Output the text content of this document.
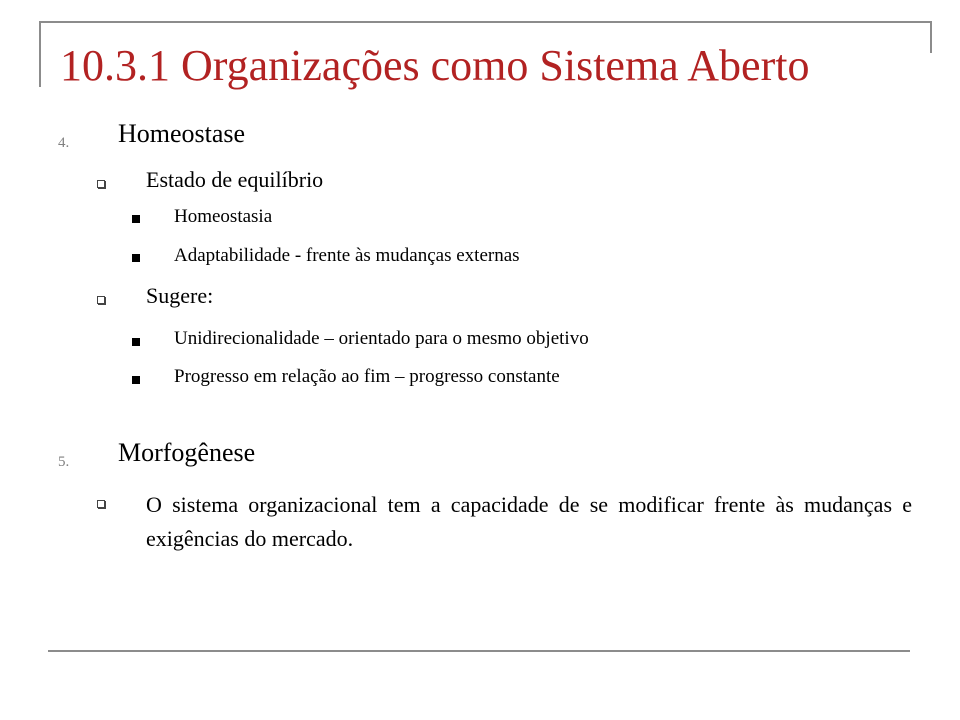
10.3.1 Organizações como Sistema Aberto
4. Homeostase
Estado de equilíbrio
Homeostasia
Adaptabilidade - frente às mudanças externas
Sugere:
Unidirecionalidade – orientado para o mesmo objetivo
Progresso em relação ao fim – progresso constante
5. Morfogênese
O sistema organizacional tem a capacidade de se modificar frente às mudanças e exigências do mercado.
